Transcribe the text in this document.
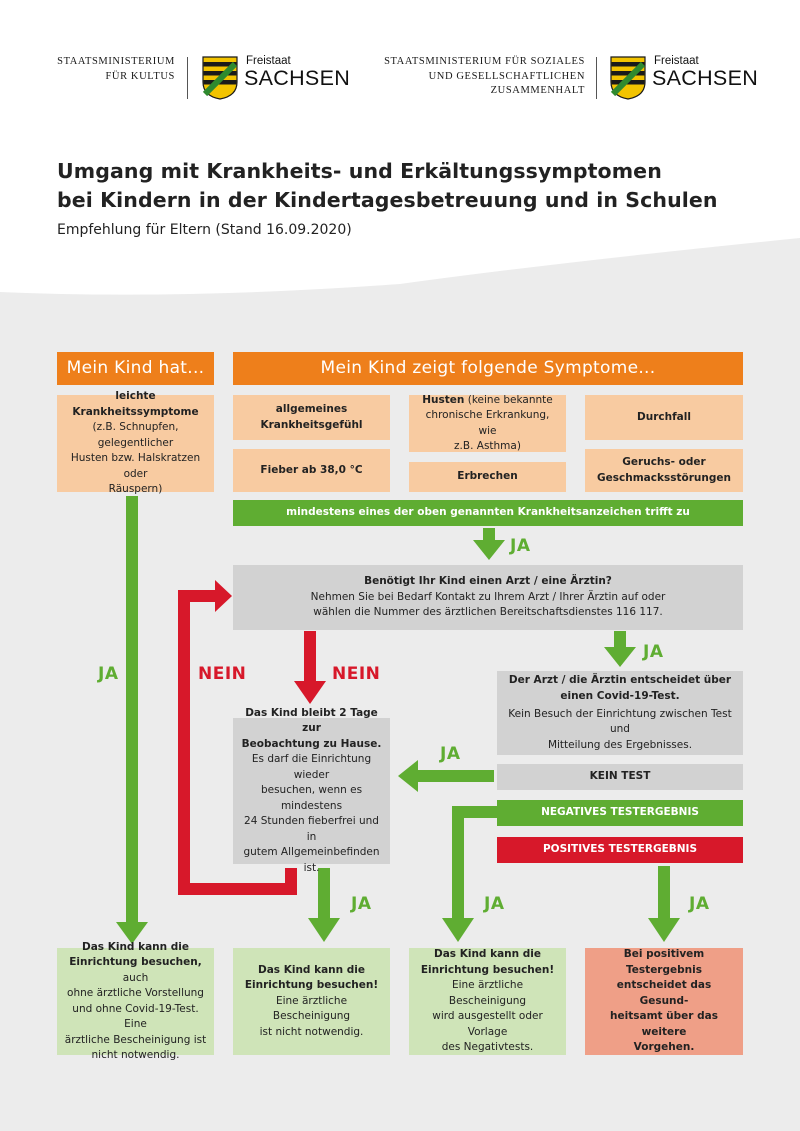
STAATSMINISTERIUM
FÜR KULTUS
Freistaat
SACHSEN
STAATSMINISTERIUM FÜR SOZIALES
UND GESELLSCHAFTLICHEN
ZUSAMMENHALT
Freistaat
SACHSEN
Umgang mit Krankheits- und Erkältungssymptomen
bei Kindern in der Kindertagesbetreuung und in Schulen
Empfehlung für Eltern (Stand 16.09.2020)
Mein Kind hat...	Mein Kind zeigt folgende Symptome...
leichte
Krankheitssymptome
(z.B. Schnupfen, gelegentlicher
Husten bzw. Halskratzen oder
Räuspern)
allgemeines
Krankheitsgefühl
Husten (keine bekannte
chronische Erkrankung, wie
z.B. Asthma)
Durchfall
Fieber ab 38,0 °C
Erbrechen
Geruchs- oder
Geschmacksstörungen
mindestens eines der oben genannten Krankheitsanzeichen trifft zu
JA
Benötigt Ihr Kind einen Arzt / eine Ärztin?
Nehmen Sie bei Bedarf Kontakt zu Ihrem Arzt / Ihrer Ärztin auf oder
wählen die Nummer des ärztlichen Bereitschaftsdienstes 116 117.
JA	NEIN	NEIN
JA
Der Arzt / die Ärztin entscheidet über
einen Covid-19-Test.
Kein Besuch der Einrichtung zwischen Test und
Mitteilung des Ergebnisses.
Das Kind bleibt 2 Tage zur
Beobachtung zu Hause.
Es darf die Einrichtung wieder
besuchen, wenn es mindestens
24 Stunden fieberfrei und in
gutem Allgemeinbefinden ist.
JA
KEIN TEST
NEGATIVES TESTERGEBNIS
POSITIVES TESTERGEBNIS
JA	JA	JA
Das Kind kann die
Einrichtung besuchen, auch
ohne ärztliche Vorstellung
und ohne Covid-19-Test. Eine
ärztliche Bescheinigung ist
nicht notwendig.
Das Kind kann die
Einrichtung besuchen!
Eine ärztliche Bescheinigung
ist nicht notwendig.
Das Kind kann die
Einrichtung besuchen!
Eine ärztliche Bescheinigung
wird ausgestellt oder Vorlage
des Negativtests.
Bei positivem Testergebnis
entscheidet das Gesund-
heitsamt über das weitere
Vorgehen.
